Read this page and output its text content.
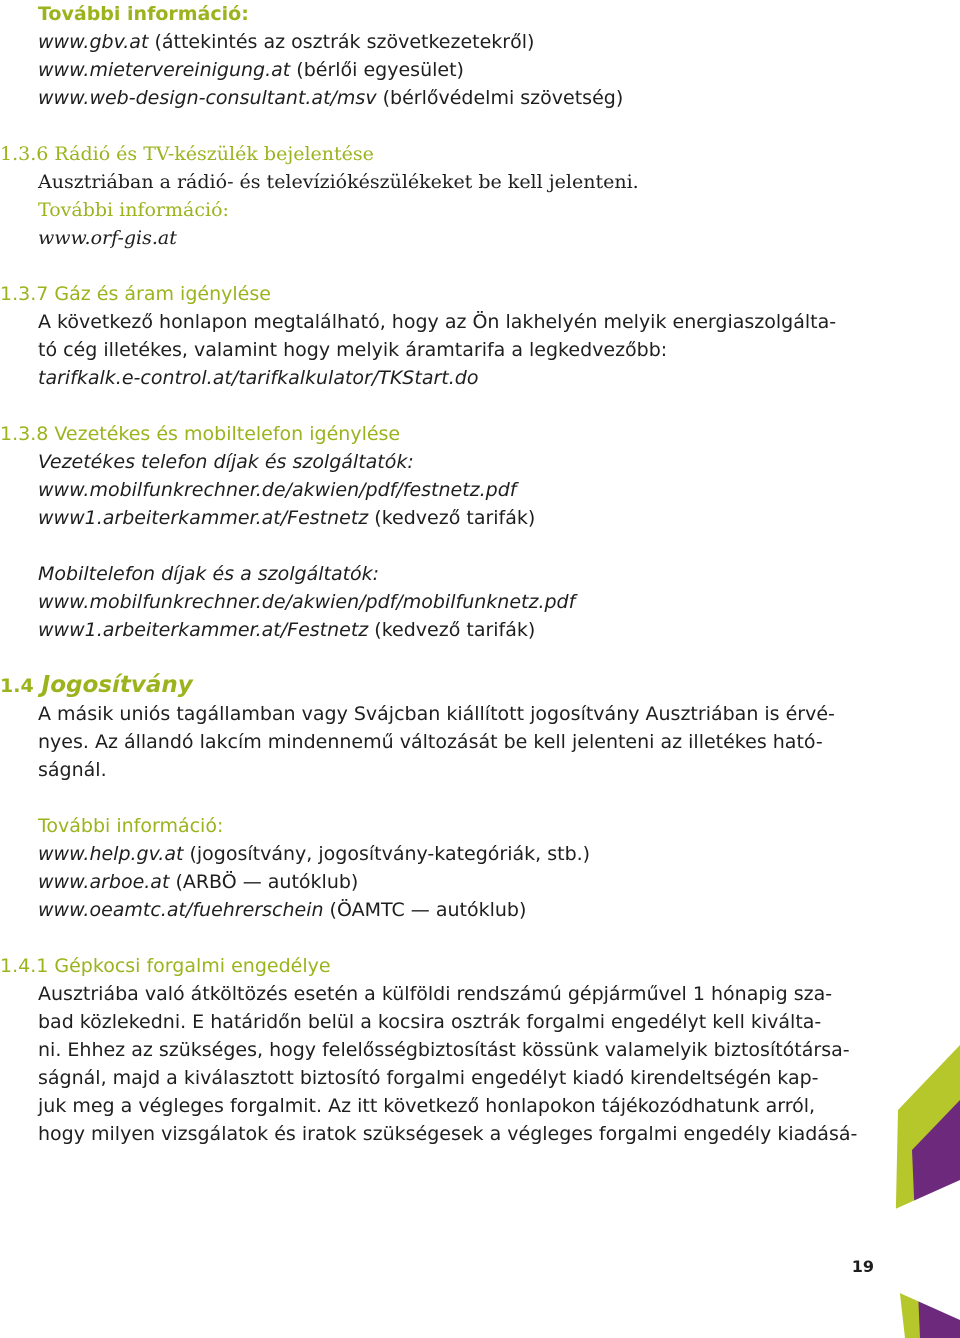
További információ:

www.gbv.at (áttekintés az osztrák szövetkezetekről)

www.mietervereinigung.at (bérlői egyesület)

www.web-design-consultant.at/msv (bérlővédelmi szövetség)

1.3.6 Rádió és TV-készülék bejelentése

Ausztriában a rádió- és televíziókészülékeket be kell jelenteni.

További információ:

www.orf-gis.at

1.3.7 Gáz és áram igénylése

A következő honlapon megtalálható, hogy az Ön lakhelyén melyik energiaszolgálta-

tó cég illetékes, valamint hogy melyik áramtarifa a legkedvezőbb:

tarifkalk.e-control.at/tarifkalkulator/TKStart.do

1.3.8 Vezetékes és mobiltelefon igénylése

Vezetékes telefon díjak és szolgáltatók:

www.mobilfunkrechner.de/akwien/pdf/festnetz.pdf

www1.arbeiterkammer.at/Festnetz (kedvező tarifák)

Mobiltelefon díjak és a szolgáltatók:

www.mobilfunkrechner.de/akwien/pdf/mobilfunknetz.pdf

www1.arbeiterkammer.at/Festnetz (kedvező tarifák)

1.4 Jogosítvány

A másik uniós tagállamban vagy Svájcban kiállított jogosítvány Ausztriában is érvé-

nyes. Az állandó lakcím mindennemű változását be kell jelenteni az illetékes ható-

ságnál.

További információ:

www.help.gv.at (jogosítvány, jogosítvány-kategóriák, stb.)

www.arboe.at (ARBÖ — autóklub)

www.oeamtc.at/fuehrerschein (ÖAMTC — autóklub)

1.4.1 Gépkocsi forgalmi engedélye

Ausztriába való átköltözés esetén a külföldi rendszámú gépjárművel 1 hónapig sza-

bad közlekedni. E határidőn belül a kocsira osztrák forgalmi engedélyt kell kiválta-

ni. Ehhez az szükséges, hogy felelősségbiztosítást kössünk valamelyik biztosítótársa-

ságnál, majd a kiválasztott biztosító forgalmi engedélyt kiadó kirendeltségén kap-

juk meg a végleges forgalmit. Az itt következő honlapokon tájékozódhatunk arról,

hogy milyen vizsgálatok és iratok szükségesek a végleges forgalmi engedély kiadásá-

19
